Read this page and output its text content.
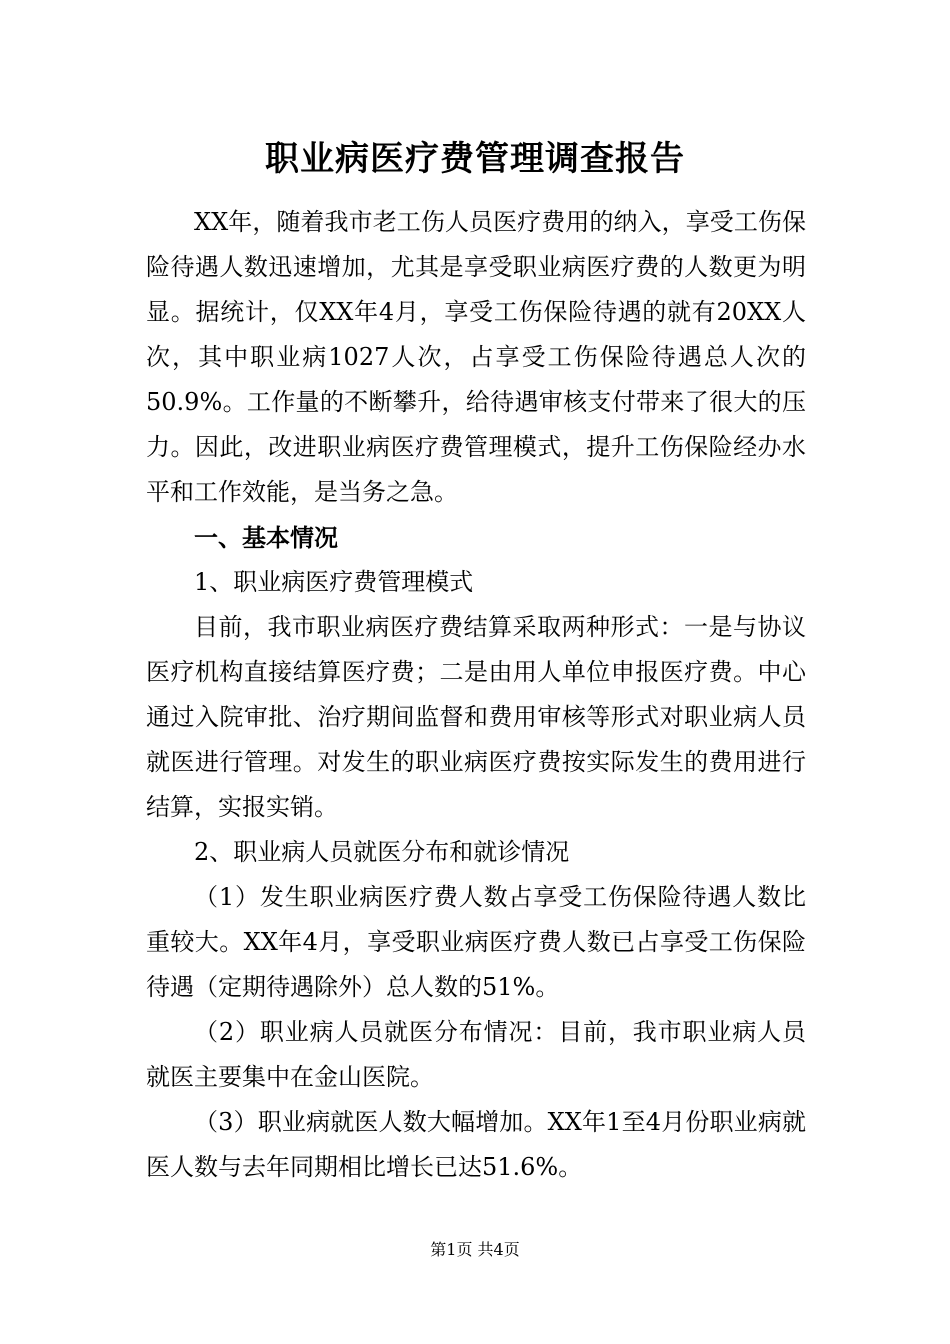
职业病医疗费管理调查报告

XX年，随着我市老工伤人员医疗费用的纳入，享受工伤保险待遇人数迅速增加，尤其是享受职业病医疗费的人数更为明显。据统计，仅XX年4月，享受工伤保险待遇的就有20XX人次，其中职业病1027人次，占享受工伤保险待遇总人次的50.9%。工作量的不断攀升，给待遇审核支付带来了很大的压力。因此，改进职业病医疗费管理模式，提升工伤保险经办水平和工作效能，是当务之急。

一、基本情况

1、职业病医疗费管理模式

目前，我市职业病医疗费结算采取两种形式：一是与协议医疗机构直接结算医疗费；二是由用人单位申报医疗费。中心通过入院审批、治疗期间监督和费用审核等形式对职业病人员就医进行管理。对发生的职业病医疗费按实际发生的费用进行结算，实报实销。

2、职业病人员就医分布和就诊情况

（1）发生职业病医疗费人数占享受工伤保险待遇人数比重较大。XX年4月，享受职业病医疗费人数已占享受工伤保险待遇（定期待遇除外）总人数的51%。

（2）职业病人员就医分布情况：目前，我市职业病人员就医主要集中在金山医院。

（3）职业病就医人数大幅增加。XX年1至4月份职业病就医人数与去年同期相比增长已达51.6%。

第1页 共4页
